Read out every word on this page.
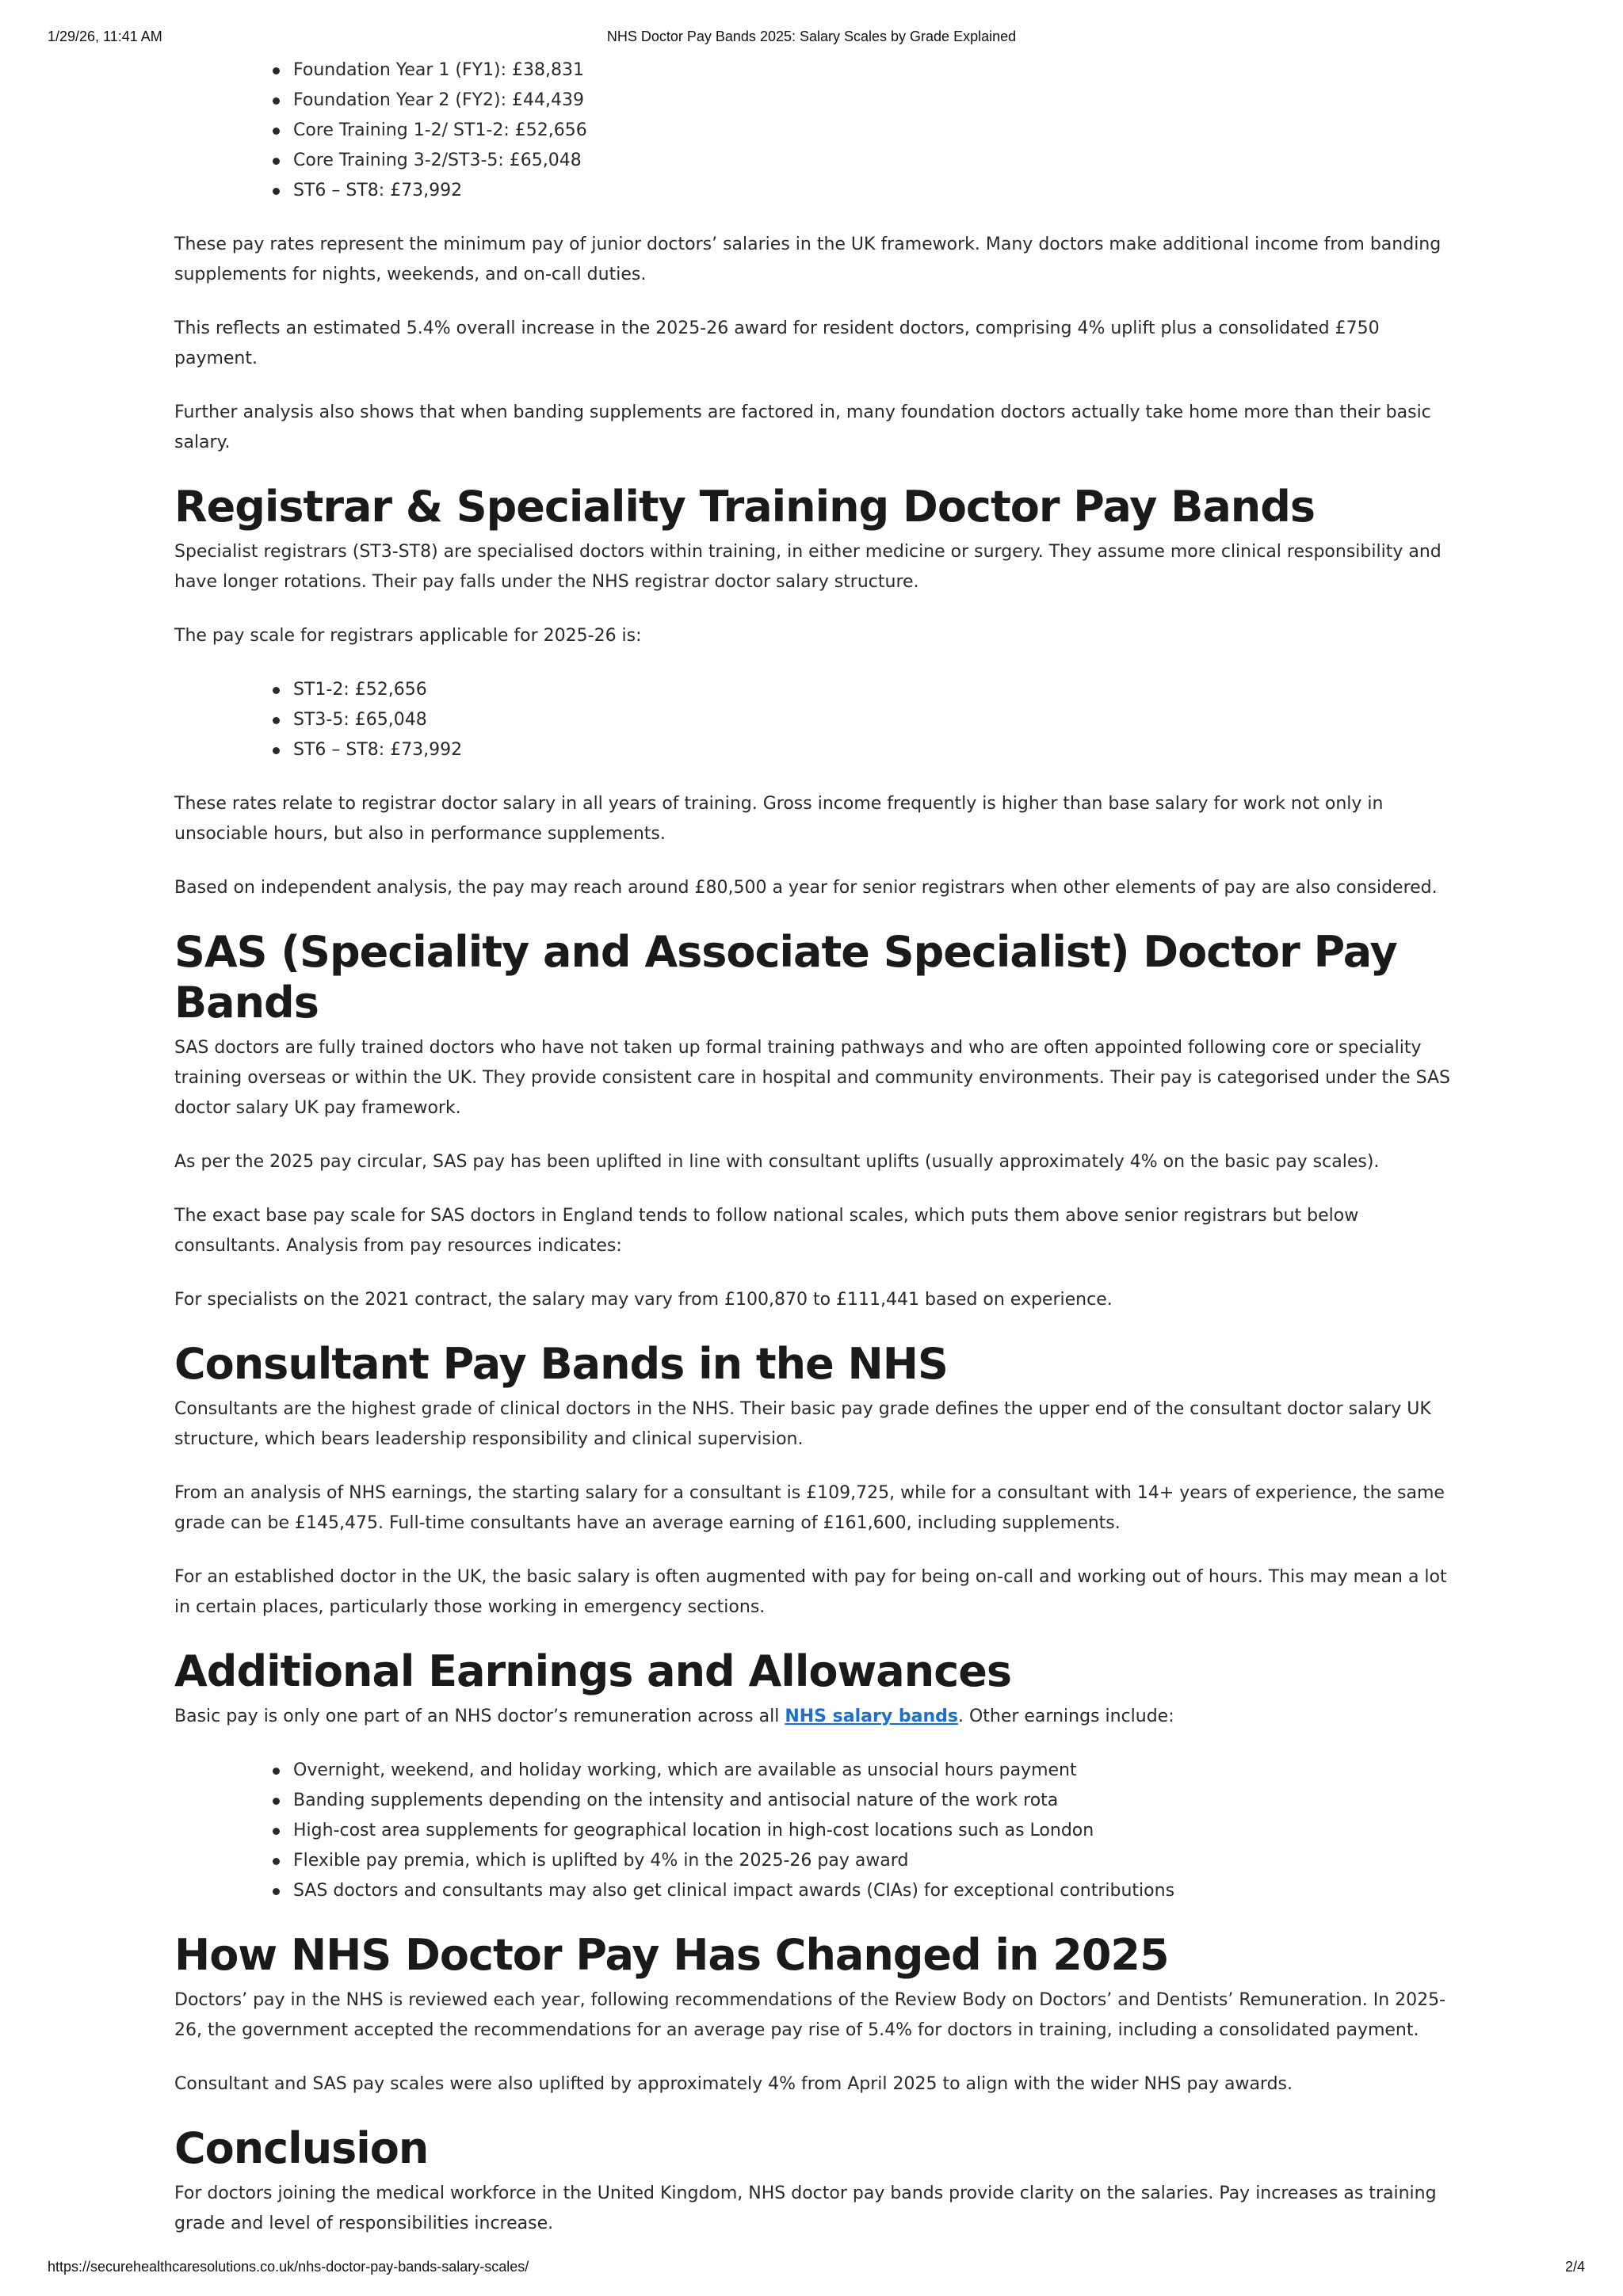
1/29/26, 11:41 AM	NHS Doctor Pay Bands 2025: Salary Scales by Grade Explained
Foundation Year 1 (FY1): £38,831
Foundation Year 2 (FY2): £44,439
Core Training 1-2/ ST1-2: £52,656
Core Training 3-2/ST3-5: £65,048
ST6 – ST8: £73,992

These pay rates represent the minimum pay of junior doctors’ salaries in the UK framework. Many doctors make additional income from banding supplements for nights, weekends, and on-call duties.

This reflects an estimated 5.4% overall increase in the 2025-26 award for resident doctors, comprising 4% uplift plus a consolidated £750 payment.

Further analysis also shows that when banding supplements are factored in, many foundation doctors actually take home more than their basic salary.

Registrar & Speciality Training Doctor Pay Bands

Specialist registrars (ST3-ST8) are specialised doctors within training, in either medicine or surgery. They assume more clinical responsibility and have longer rotations. Their pay falls under the NHS registrar doctor salary structure.

The pay scale for registrars applicable for 2025-26 is:

ST1-2: £52,656
ST3-5: £65,048
ST6 – ST8: £73,992

These rates relate to registrar doctor salary in all years of training. Gross income frequently is higher than base salary for work not only in unsociable hours, but also in performance supplements.

Based on independent analysis, the pay may reach around £80,500 a year for senior registrars when other elements of pay are also considered.

SAS (Speciality and Associate Specialist) Doctor Pay Bands

SAS doctors are fully trained doctors who have not taken up formal training pathways and who are often appointed following core or speciality training overseas or within the UK. They provide consistent care in hospital and community environments. Their pay is categorised under the SAS doctor salary UK pay framework.

As per the 2025 pay circular, SAS pay has been uplifted in line with consultant uplifts (usually approximately 4% on the basic pay scales).

The exact base pay scale for SAS doctors in England tends to follow national scales, which puts them above senior registrars but below consultants. Analysis from pay resources indicates:

For specialists on the 2021 contract, the salary may vary from £100,870 to £111,441 based on experience.

Consultant Pay Bands in the NHS

Consultants are the highest grade of clinical doctors in the NHS. Their basic pay grade defines the upper end of the consultant doctor salary UK structure, which bears leadership responsibility and clinical supervision.

From an analysis of NHS earnings, the starting salary for a consultant is £109,725, while for a consultant with 14+ years of experience, the same grade can be £145,475. Full-time consultants have an average earning of £161,600, including supplements.

For an established doctor in the UK, the basic salary is often augmented with pay for being on-call and working out of hours. This may mean a lot in certain places, particularly those working in emergency sections.

Additional Earnings and Allowances

Basic pay is only one part of an NHS doctor’s remuneration across all NHS salary bands. Other earnings include:

Overnight, weekend, and holiday working, which are available as unsocial hours payment
Banding supplements depending on the intensity and antisocial nature of the work rota
High-cost area supplements for geographical location in high-cost locations such as London
Flexible pay premia, which is uplifted by 4% in the 2025-26 pay award
SAS doctors and consultants may also get clinical impact awards (CIAs) for exceptional contributions
How NHS Doctor Pay Has Changed in 2025

Doctors’ pay in the NHS is reviewed each year, following recommendations of the Review Body on Doctors’ and Dentists’ Remuneration. In 2025-26, the government accepted the recommendations for an average pay rise of 5.4% for doctors in training, including a consolidated payment.

Consultant and SAS pay scales were also uplifted by approximately 4% from April 2025 to align with the wider NHS pay awards.

Conclusion

For doctors joining the medical workforce in the United Kingdom, NHS doctor pay bands provide clarity on the salaries. Pay increases as training grade and level of responsibilities increase.

https://securehealthcaresolutions.co.uk/nhs-doctor-pay-bands-salary-scales/	2/4
